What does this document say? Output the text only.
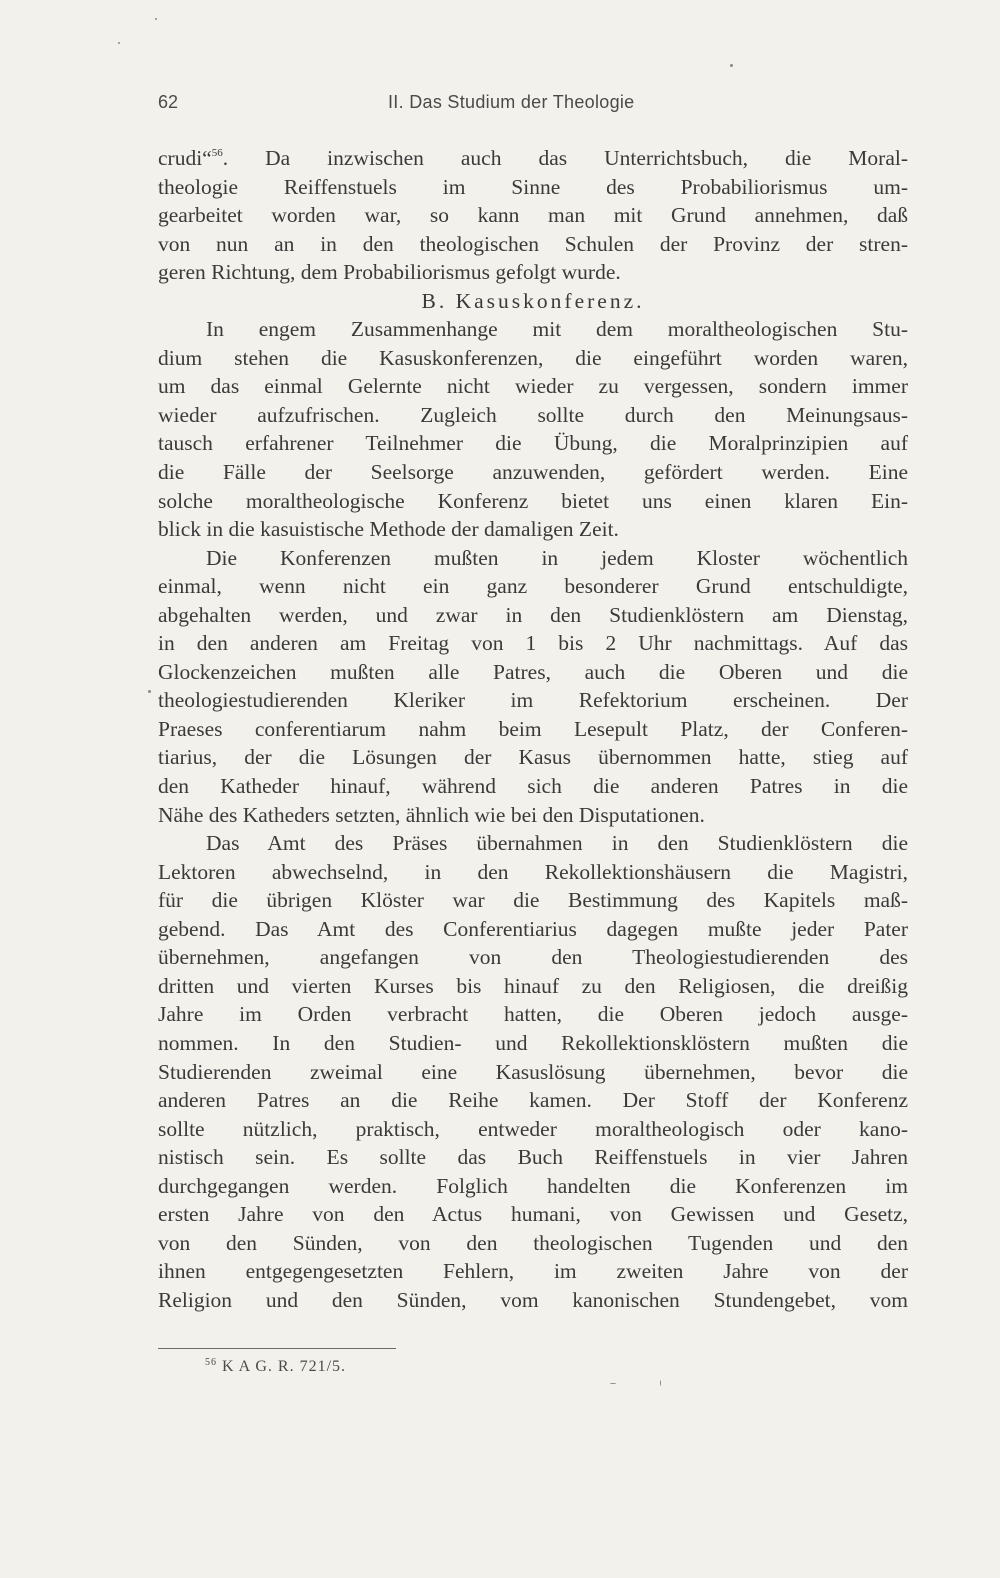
62	II. Das Studium der Theologie
crudi“$^{56}$. Da inzwischen auch das Unterrichtsbuch, die Moral-
theologie Reiffenstuels im Sinne des Probabiliorismus um-
gearbeitet worden war, so kann man mit Grund annehmen, daß
von nun an in den theologischen Schulen der Provinz der stren-
geren Richtung, dem Probabiliorismus gefolgt wurde.
B. Kasuskonferenz.
In engem Zusammenhange mit dem moraltheologischen Stu-
dium stehen die Kasuskonferenzen, die eingeführt worden waren,
um das einmal Gelernte nicht wieder zu vergessen, sondern immer
wieder aufzufrischen. Zugleich sollte durch den Meinungsaus-
tausch erfahrener Teilnehmer die Übung, die Moralprinzipien auf
die Fälle der Seelsorge anzuwenden, gefördert werden. Eine
solche moraltheologische Konferenz bietet uns einen klaren Ein-
blick in die kasuistische Methode der damaligen Zeit.
Die Konferenzen mußten in jedem Kloster wöchentlich
einmal, wenn nicht ein ganz besonderer Grund entschuldigte,
abgehalten werden, und zwar in den Studienklöstern am Dienstag,
in den anderen am Freitag von 1 bis 2 Uhr nachmittags. Auf das
Glockenzeichen mußten alle Patres, auch die Oberen und die
theologiestudierenden Kleriker im Refektorium erscheinen. Der
Praeses conferentiarum nahm beim Lesepult Platz, der Conferen-
tiarius, der die Lösungen der Kasus übernommen hatte, stieg auf
den Katheder hinauf, während sich die anderen Patres in die
Nähe des Katheders setzten, ähnlich wie bei den Disputationen.
Das Amt des Präses übernahmen in den Studienklöstern die
Lektoren abwechselnd, in den Rekollektionshäusern die Magistri,
für die übrigen Klöster war die Bestimmung des Kapitels maß-
gebend. Das Amt des Conferentiarius dagegen mußte jeder Pater
übernehmen, angefangen von den Theologiestudierenden des
dritten und vierten Kurses bis hinauf zu den Religiosen, die dreißig
Jahre im Orden verbracht hatten, die Oberen jedoch ausge-
nommen. In den Studien- und Rekollektionsklöstern mußten die
Studierenden zweimal eine Kasuslösung übernehmen, bevor die
anderen Patres an die Reihe kamen. Der Stoff der Konferenz
sollte nützlich, praktisch, entweder moraltheologisch oder kano-
nistisch sein. Es sollte das Buch Reiffenstuels in vier Jahren
durchgegangen werden. Folglich handelten die Konferenzen im
ersten Jahre von den Actus humani, von Gewissen und Gesetz,
von den Sünden, von den theologischen Tugenden und den
ihnen entgegengesetzten Fehlern, im zweiten Jahre von der
Religion und den Sünden, vom kanonischen Stundengebet, vom
$^{56}$ K A G. R. 721/5.
